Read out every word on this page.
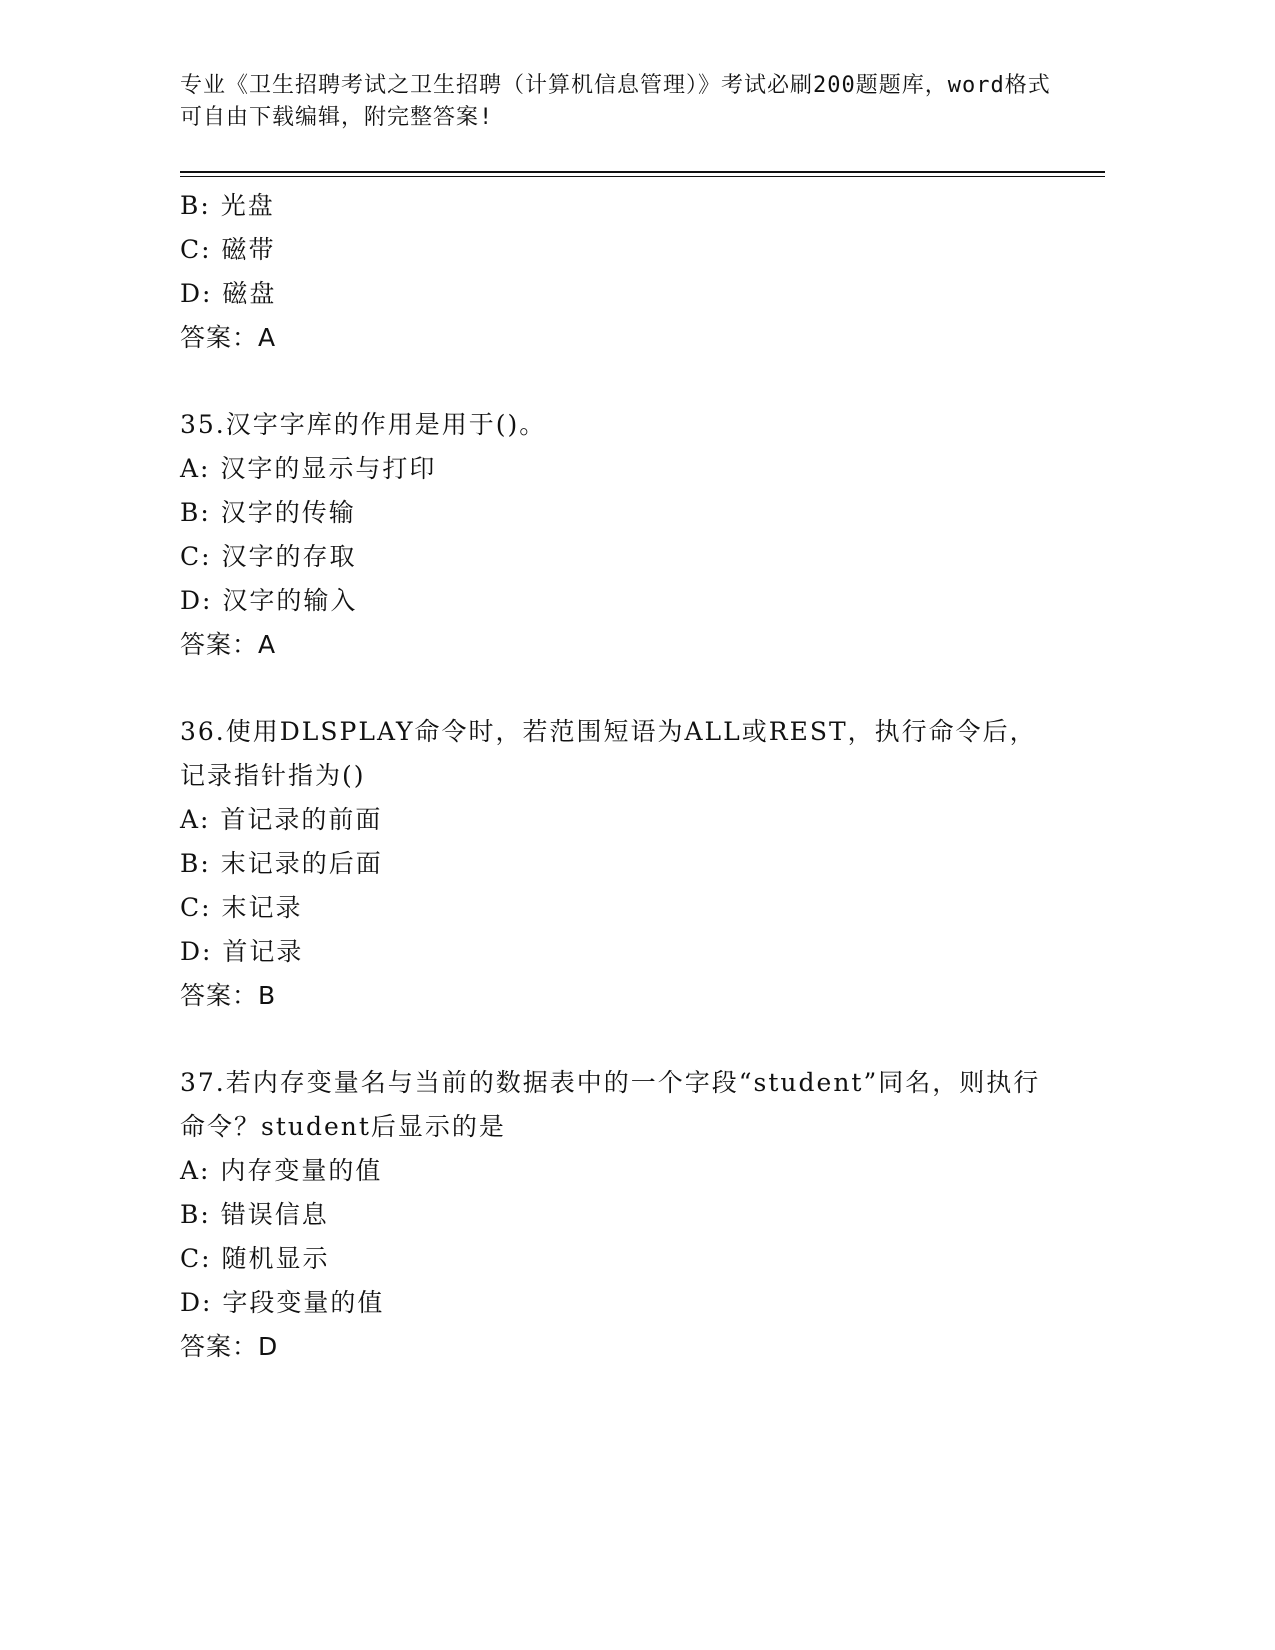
专业《卫生招聘考试之卫生招聘（计算机信息管理）》考试必刷200题题库，word格式可自由下载编辑，附完整答案!
B: 光盘
C: 磁带
D: 磁盘
答案：A
35.汉字字库的作用是用于()。
A: 汉字的显示与打印
B: 汉字的传输
C: 汉字的存取
D: 汉字的输入
答案：A
36.使用DLSPLAY命令时，若范围短语为ALL或REST，执行命令后，记录指针指为()
A: 首记录的前面
B: 末记录的后面
C: 末记录
D: 首记录
答案：B
37.若内存变量名与当前的数据表中的一个字段“student”同名，则执行命令？student后显示的是
A: 内存变量的值
B: 错误信息
C: 随机显示
D: 字段变量的值
答案：D
